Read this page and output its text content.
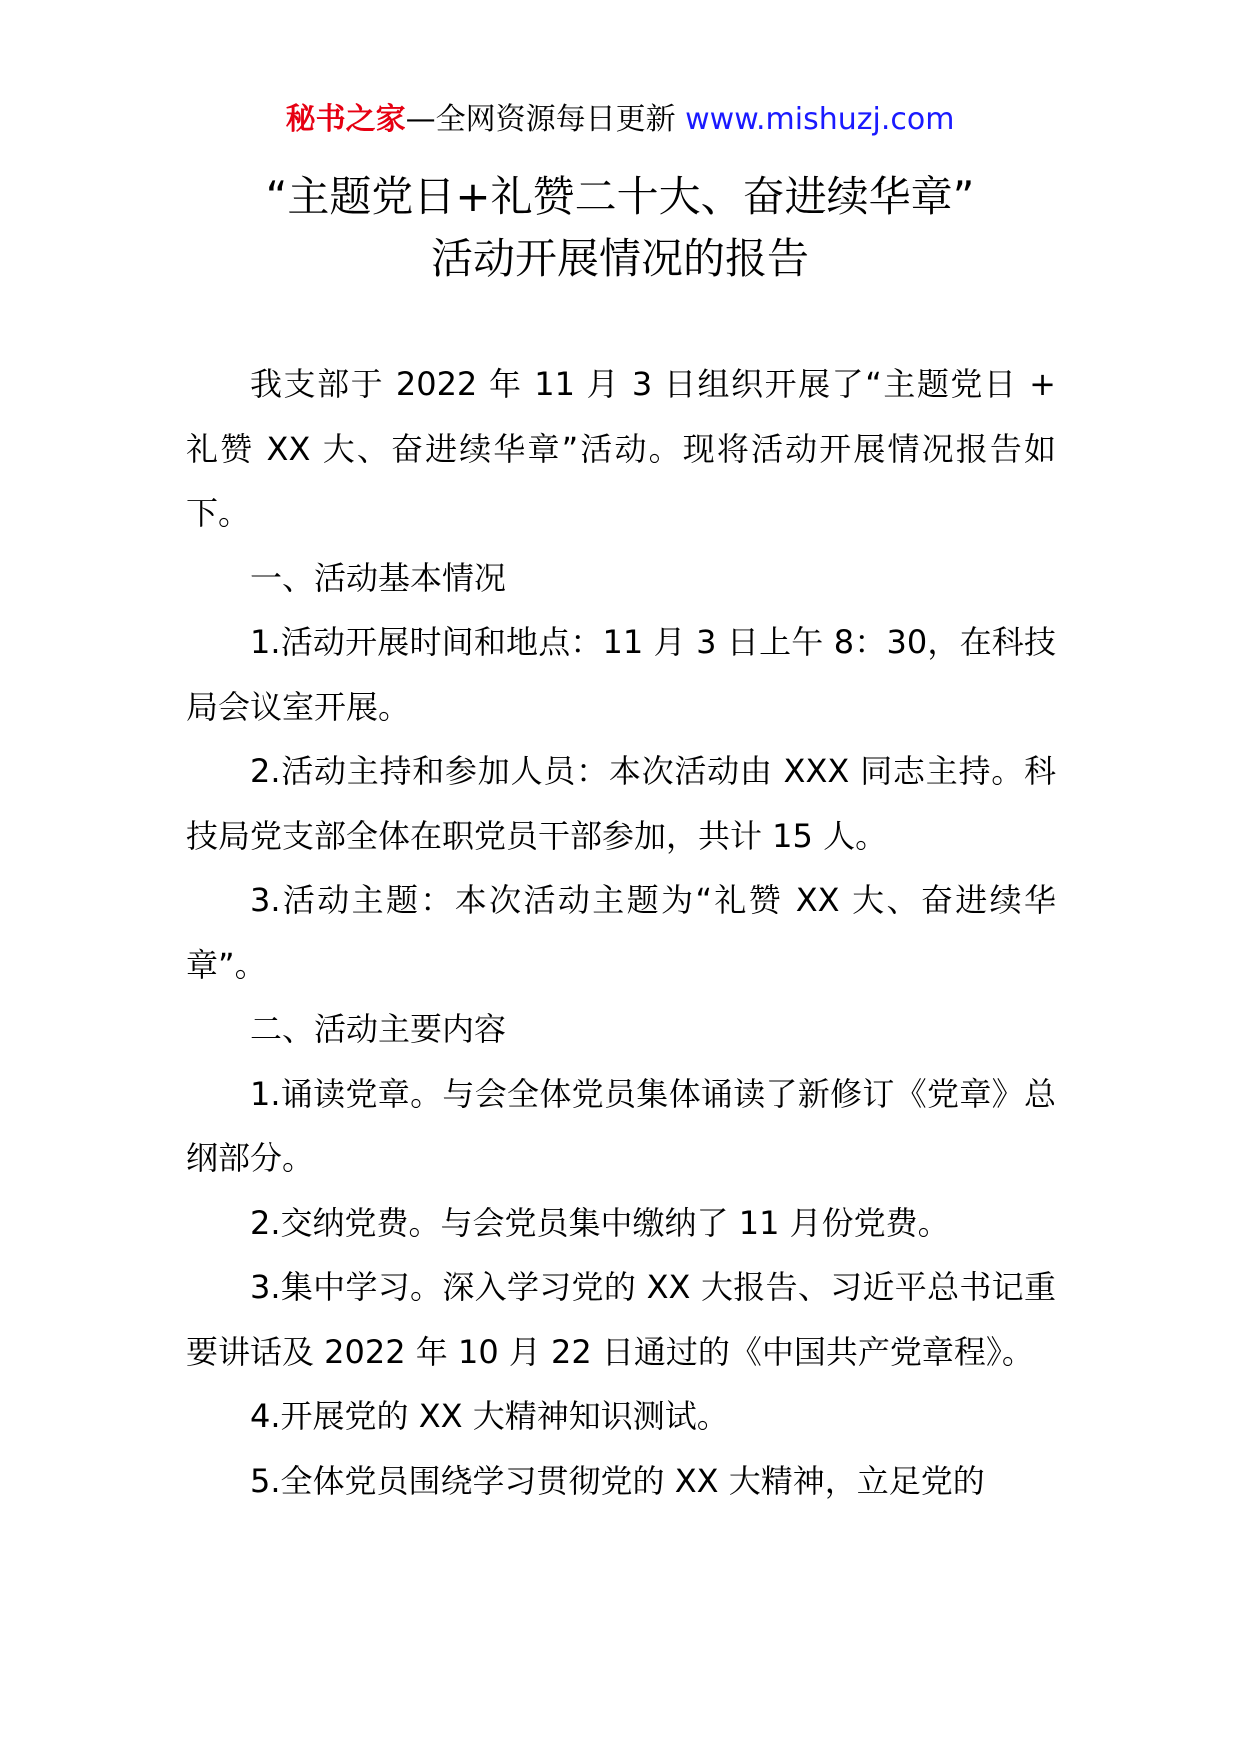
秘书之家—全网资源每日更新 www.mishuzj.com
“主题党日+礼赞二十大、奋进续华章”
活动开展情况的报告

我支部于 2022 年 11 月 3 日组织开展了“主题党日 + 礼赞 XX 大、奋进续华章”活动。现将活动开展情况报告如下。

一、活动基本情况

1.活动开展时间和地点：11 月 3 日上午 8：30，在科技局会议室开展。

2.活动主持和参加人员：本次活动由 XXX 同志主持。科技局党支部全体在职党员干部参加，共计 15 人。

3.活动主题：本次活动主题为“礼赞 XX 大、奋进续华章”。

二、活动主要内容

1.诵读党章。与会全体党员集体诵读了新修订《党章》总纲部分。

2.交纳党费。与会党员集中缴纳了 11 月份党费。

3.集中学习。深入学习党的 XX 大报告、习近平总书记重要讲话及 2022 年 10 月 22 日通过的《中国共产党章程》。

4.开展党的 XX 大精神知识测试。

5.全体党员围绕学习贯彻党的 XX 大精神，立足党的
